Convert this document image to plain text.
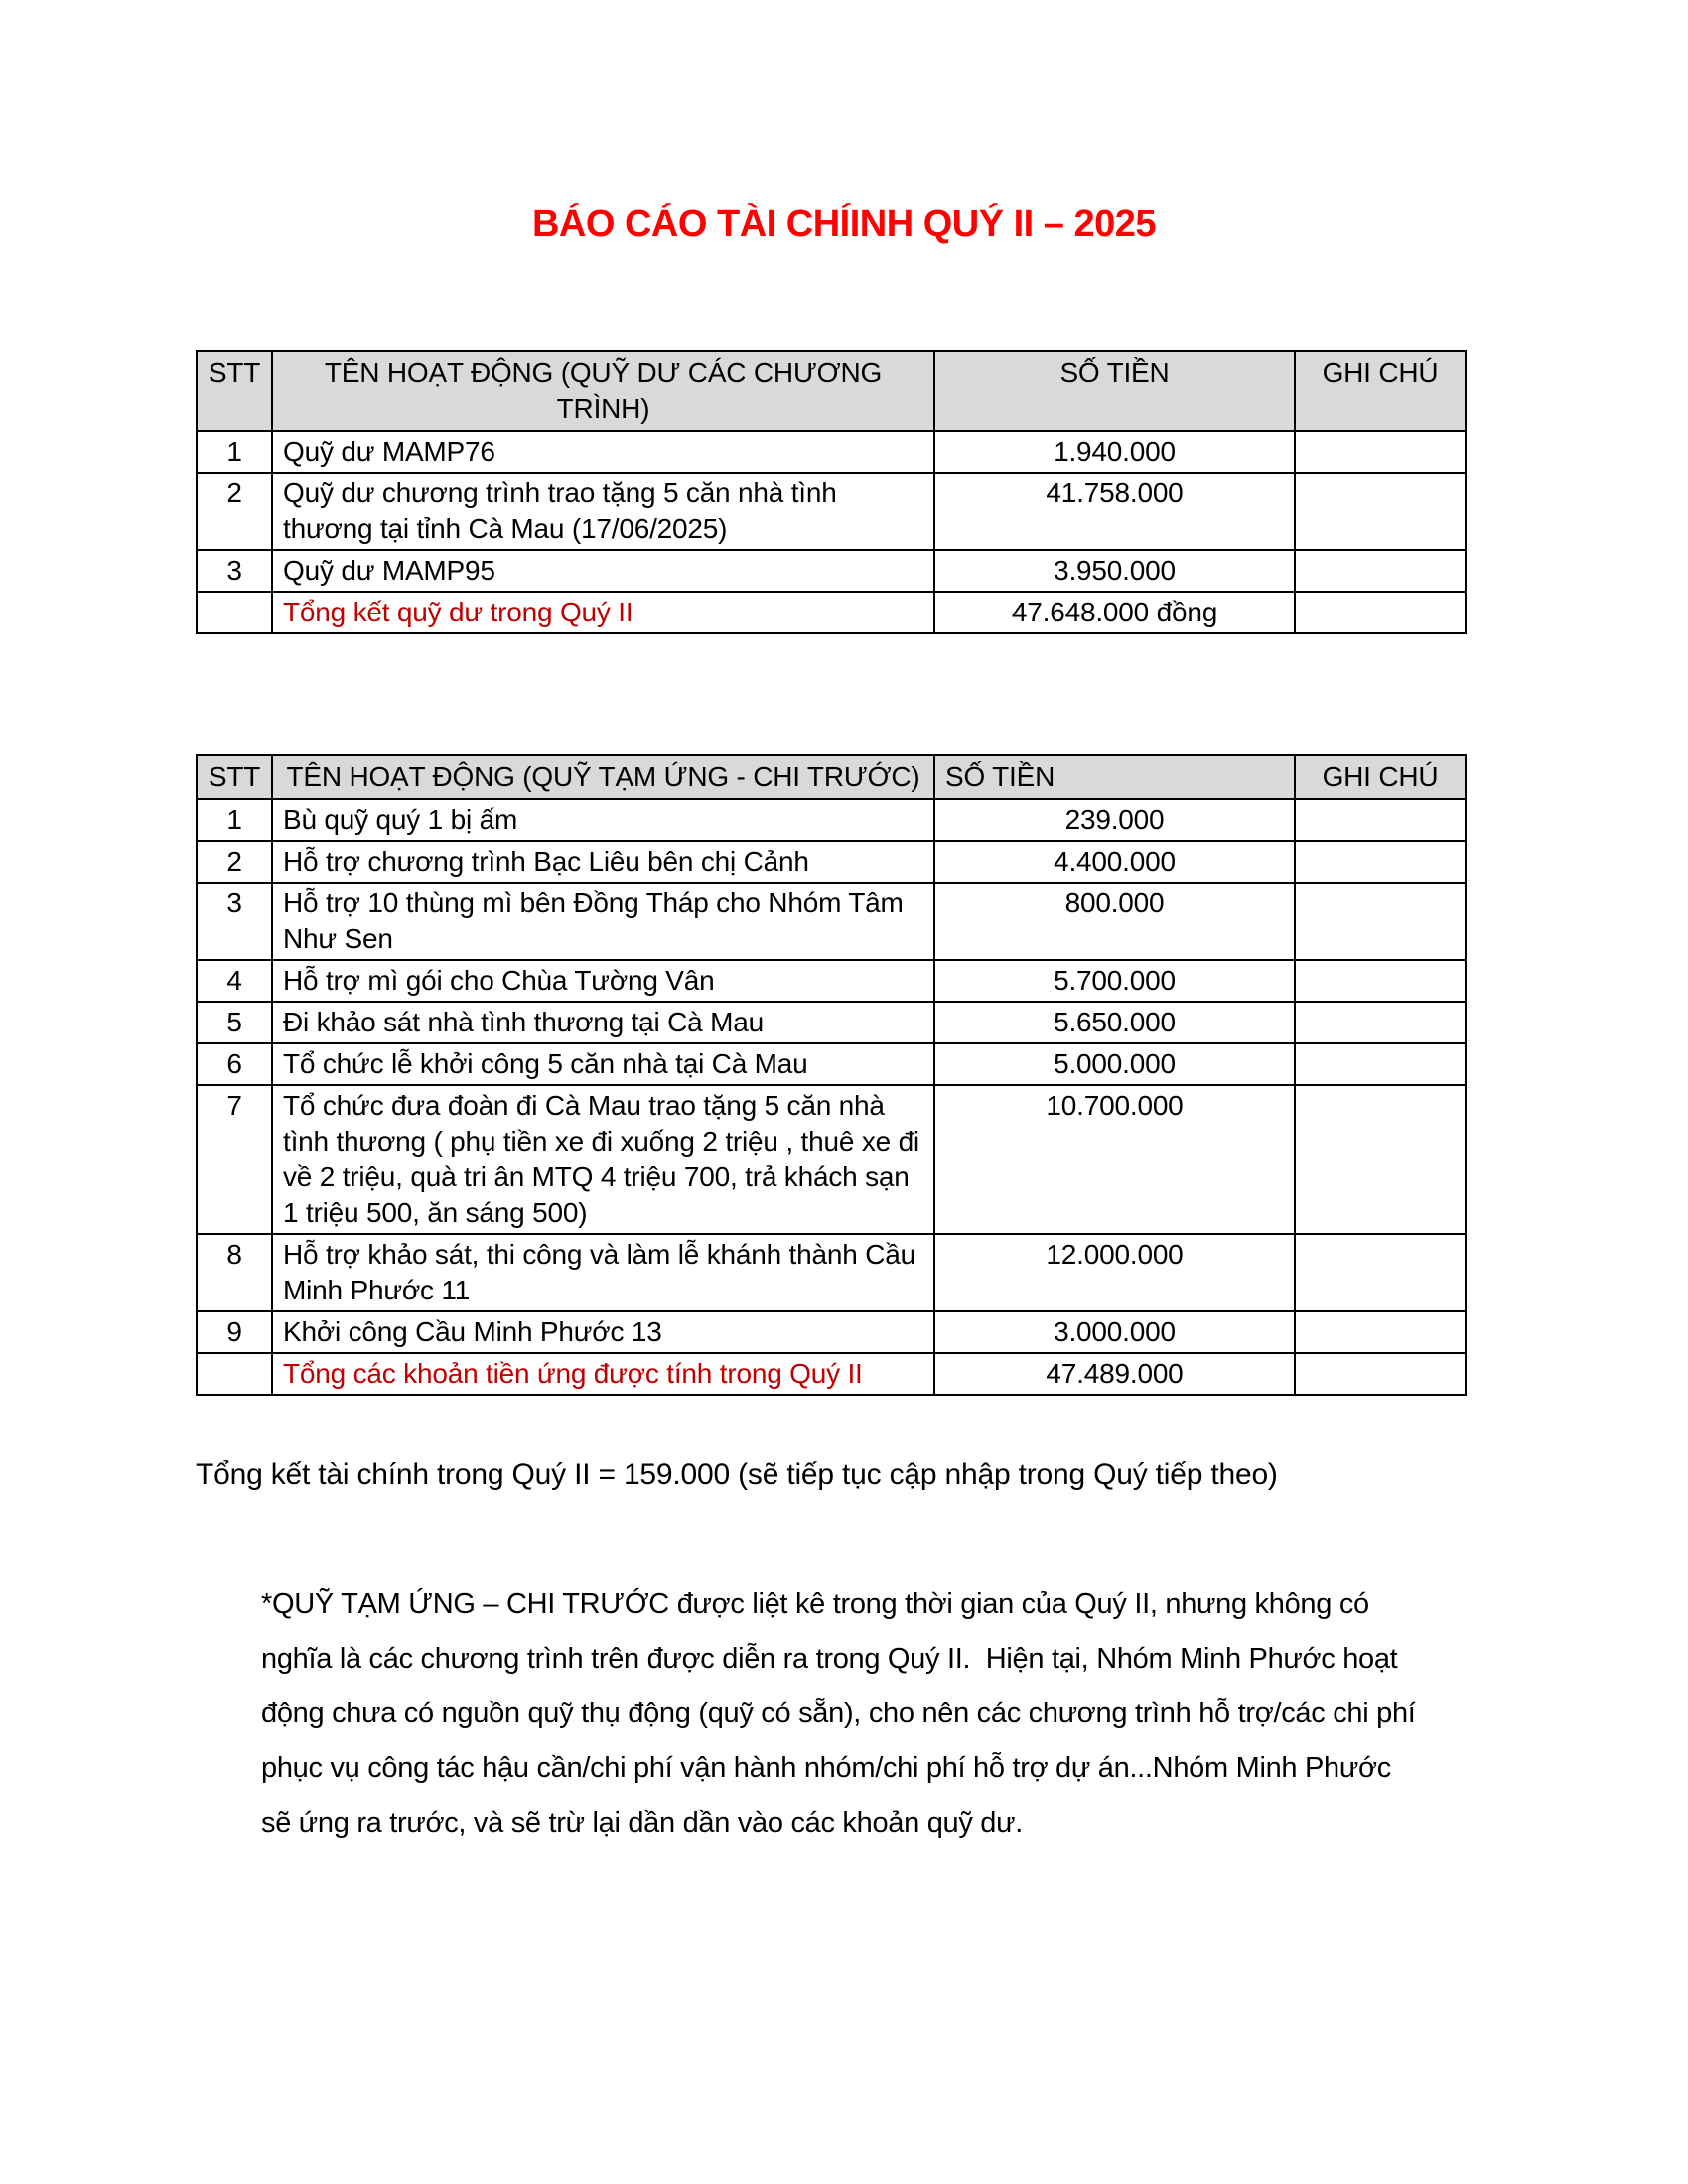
BÁO CÁO TÀI CHÍINH QUÝ II – 2025
STT	TÊN HOẠT ĐỘNG (QUỸ DƯ CÁC CHƯƠNG TRÌNH)	SỐ TIỀN	GHI CHÚ
1	Quỹ dư MAMP76	1.940.000	
2	Quỹ dư chương trình trao tặng 5 căn nhà tình thương tại tỉnh Cà Mau (17/06/2025)	41.758.000	
3	Quỹ dư MAMP95	3.950.000	
	Tổng kết quỹ dư trong Quý II	47.648.000 đồng	
STT	TÊN HOẠT ĐỘNG (QUỸ TẠM ỨNG - CHI TRƯỚC)	SỐ TIỀN	GHI CHÚ
1	Bù quỹ quý 1 bị ấm	239.000	
2	Hỗ trợ chương trình Bạc Liêu bên chị Cảnh	4.400.000	
3	Hỗ trợ 10 thùng mì bên Đồng Tháp cho Nhóm Tâm Như Sen	800.000	
4	Hỗ trợ mì gói cho Chùa Tường Vân	5.700.000	
5	Đi khảo sát nhà tình thương tại Cà Mau	5.650.000	
6	Tổ chức lễ khởi công 5 căn nhà tại Cà Mau	5.000.000	
7	Tổ chức đưa đoàn đi Cà Mau trao tặng 5 căn nhà tình thương ( phụ tiền xe đi xuống 2 triệu , thuê xe đi về 2 triệu, quà tri ân MTQ 4 triệu 700, trả khách sạn 1 triệu 500, ăn sáng 500)	10.700.000	
8	Hỗ trợ khảo sát, thi công và làm lễ khánh thành Cầu Minh Phước 11	12.000.000	
9	Khởi công Cầu Minh Phước 13	3.000.000	
	Tổng các khoản tiền ứng được tính trong Quý II	47.489.000	

Tổng kết tài chính trong Quý II = 159.000 (sẽ tiếp tục cập nhập trong Quý tiếp theo)

*QUỸ TẠM ỨNG – CHI TRƯỚC được liệt kê trong thời gian của Quý II, nhưng không có
nghĩa là các chương trình trên được diễn ra trong Quý II.  Hiện tại, Nhóm Minh Phước hoạt
động chưa có nguồn quỹ thụ động (quỹ có sẵn), cho nên các chương trình hỗ trợ/các chi phí
phục vụ công tác hậu cần/chi phí vận hành nhóm/chi phí hỗ trợ dự án...Nhóm Minh Phước
sẽ ứng ra trước, và sẽ trừ lại dần dần vào các khoản quỹ dư.
